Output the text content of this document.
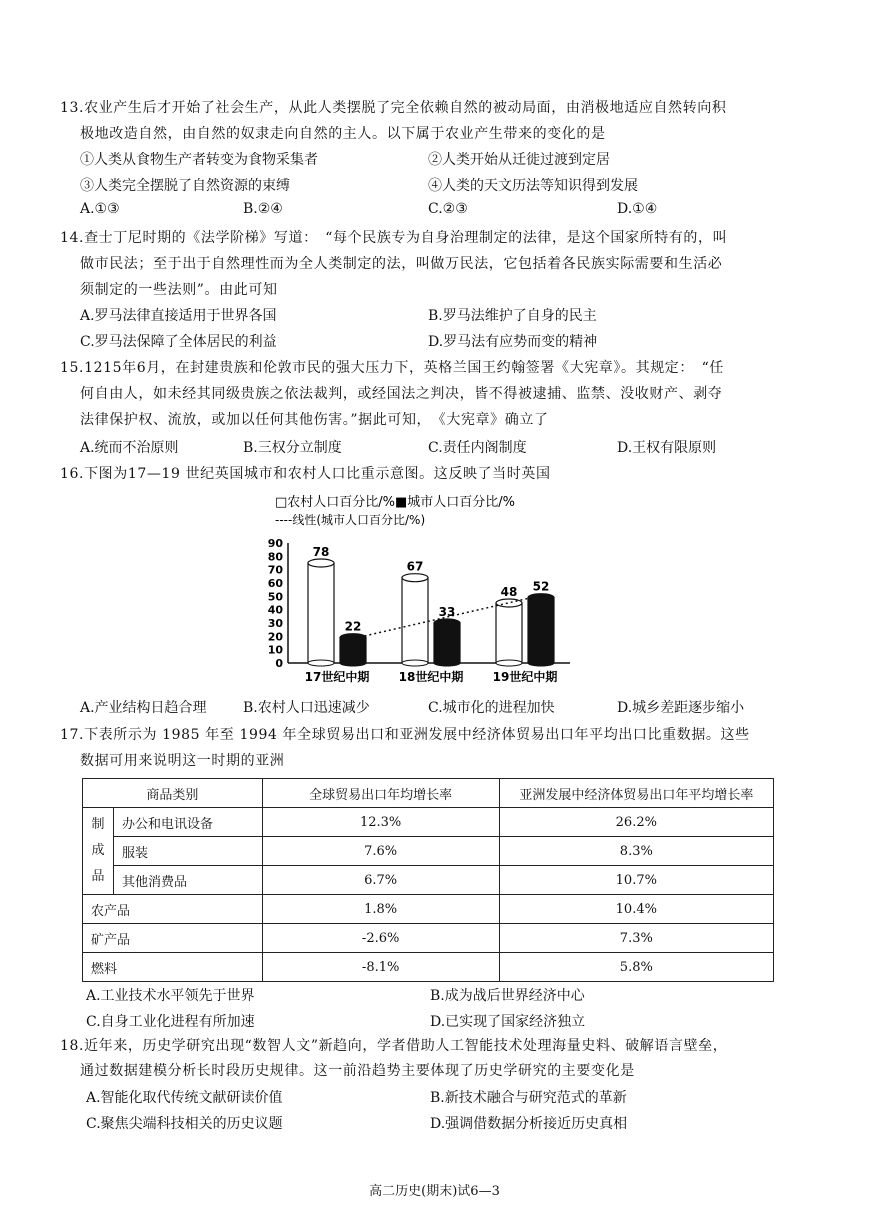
13.农业产生后才开始了社会生产，从此人类摆脱了完全依赖自然的被动局面，由消极地适应自然转向积
极地改造自然，由自然的奴隶走向自然的主人。以下属于农业产生带来的变化的是
①人类从食物生产者转变为食物采集者	②人类开始从迁徙过渡到定居
③人类完全摆脱了自然资源的束缚	④人类的天文历法等知识得到发展
A.①③	B.②④	C.②③	D.①④
14.查士丁尼时期的《法学阶梯》写道：　“每个民族专为自身治理制定的法律，是这个国家所特有的，叫
做市民法；至于出于自然理性而为全人类制定的法，叫做万民法，它包括着各民族实际需要和生活必
须制定的一些法则”。由此可知
A.罗马法律直接适用于世界各国	B.罗马法维护了自身的民主
C.罗马法保障了全体居民的利益	D.罗马法有应势而变的精神
15.1215年6月，在封建贵族和伦敦市民的强大压力下，英格兰国王约翰签署《大宪章》。其规定：　“任
何自由人，如未经其同级贵族之依法裁判，或经国法之判决，皆不得被逮捕、监禁、没收财产、剥夺
法律保护权、流放，或加以任何其他伤害。”据此可知，　《大宪章》确立了
A.统而不治原则	B.三权分立制度	C.责任内阁制度	D.王权有限原则
16.下图为17—19 世纪英国城市和农村人口比重示意图。这反映了当时英国
□农村人口百分比/%■城市人口百分比/%
----线性(城市人口百分比/%)
0
10
20
30
40
50
60
70
80
90
78
22
17世纪中期
67
33
18世纪中期
48 52
19世纪中期
A.产业结构日趋合理	B.农村人口迅速减少	C.城市化的进程加快	D.城乡差距逐步缩小
17.下表所示为 1985 年至 1994 年全球贸易出口和亚洲发展中经济体贸易出口年平均出口比重数据。这些
数据可用来说明这一时期的亚洲
商品类别		全球贸易出口年均增长率	亚洲发展中经济体贸易出口年平均增长率
制
成
品	办公和电讯设备	12.3%	26.2%
	服装	7.6%	8.3%
	其他消费品	6.7%	10.7%
农产品		1.8%	10.4%
矿产品		-2.6%	7.3%
燃料		-8.1%	5.8%
A.工业技术水平领先于世界	B.成为战后世界经济中心
C.自身工业化进程有所加速	D.已实现了国家经济独立
18.近年来，历史学研究出现“数智人文”新趋向，学者借助人工智能技术处理海量史料、破解语言壁垒，
通过数据建模分析长时段历史规律。这一前沿趋势主要体现了历史学研究的主要变化是
A.智能化取代传统文献研读价值	B.新技术融合与研究范式的革新
C.聚焦尖端科技相关的历史议题	D.强调借数据分析接近历史真相
高二历史(期末)试6—3
